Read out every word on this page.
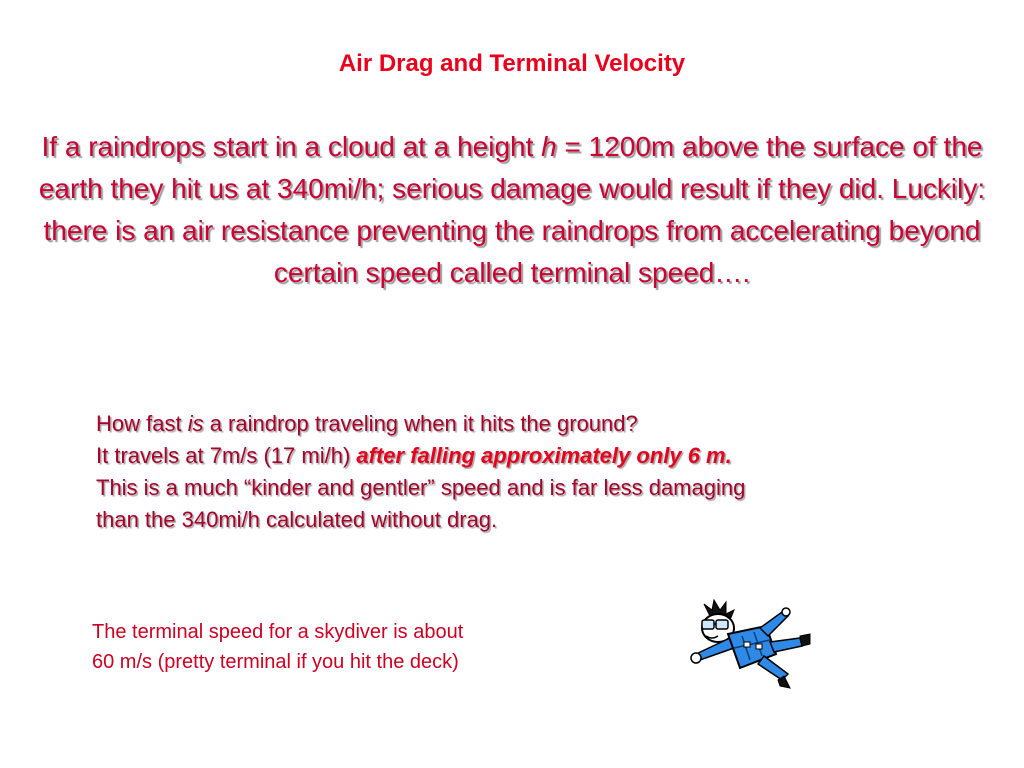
Air Drag and Terminal Velocity

If a raindrops start in a cloud at a height h = 1200m above the surface of the earth they hit us at 340mi/h; serious damage would result if they did. Luckily: there is an air resistance preventing the raindrops from accelerating beyond certain speed called terminal speed….

How fast is a raindrop traveling when it hits the ground?
It travels at 7m/s (17 mi/h) after falling approximately only 6 m.
This is a much “kinder and gentler” speed and is far less damaging
than the 340mi/h calculated without drag.
The terminal speed for a skydiver is about
60 m/s (pretty terminal if you hit the deck)
